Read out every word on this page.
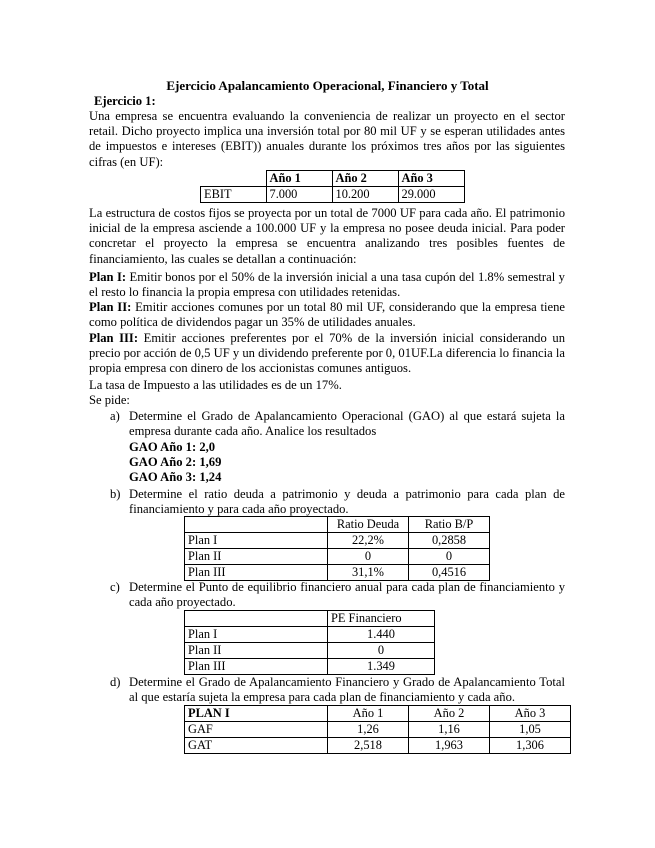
Ejercicio Apalancamiento Operacional, Financiero y Total
Ejercicio 1:
Una empresa se encuentra evaluando la conveniencia de realizar un proyecto en el sector retail. Dicho proyecto implica una inversión total por 80 mil UF y se esperan utilidades antes de impuestos e intereses (EBIT)) anuales durante los próximos tres años por las siguientes cifras (en UF):
	Año 1	Año 2	Año 3
EBIT	7.000	10.200	29.000
La estructura de costos fijos se proyecta por un total de 7000 UF para cada año. El patrimonio inicial de la empresa asciende a 100.000 UF y la empresa no posee deuda inicial. Para poder concretar el proyecto la empresa se encuentra analizando tres posibles fuentes de financiamiento, las cuales se detallan a continuación:
Plan I: Emitir bonos por el 50% de la inversión inicial a una tasa cupón del 1.8% semestral y el resto lo financia la propia empresa con utilidades retenidas.
Plan II: Emitir acciones comunes por un total 80 mil UF, considerando que la empresa tiene como política de dividendos pagar un 35% de utilidades anuales.
Plan III: Emitir acciones preferentes por el 70% de la inversión inicial considerando un precio por acción de 0,5 UF y un dividendo preferente por 0, 01UF.La diferencia lo financia la propia empresa con dinero de los accionistas comunes antiguos.
La tasa de Impuesto a las utilidades es de un 17%.
Se pide:
a) Determine el Grado de Apalancamiento Operacional (GAO) al que estará sujeta la empresa durante cada año. Analice los resultados
GAO Año 1: 2,0
GAO Año 2: 1,69
GAO Año 3: 1,24
b) Determine el ratio deuda a patrimonio y deuda a patrimonio para cada plan de financiamiento y para cada año proyectado.
	Ratio Deuda	Ratio B/P
Plan I	22,2%	0,2858
Plan II	0	0
Plan III	31,1%	0,4516
c) Determine el Punto de equilibrio financiero anual para cada plan de financiamiento y cada año proyectado.
	PE Financiero
Plan I	1.440
Plan II	0
Plan III	1.349
d) Determine el Grado de Apalancamiento Financiero y Grado de Apalancamiento Total al que estaría sujeta la empresa para cada plan de financiamiento y cada año.
PLAN I	Año 1	Año 2	Año 3
GAF	1,26	1,16	1,05
GAT	2,518	1,963	1,306
